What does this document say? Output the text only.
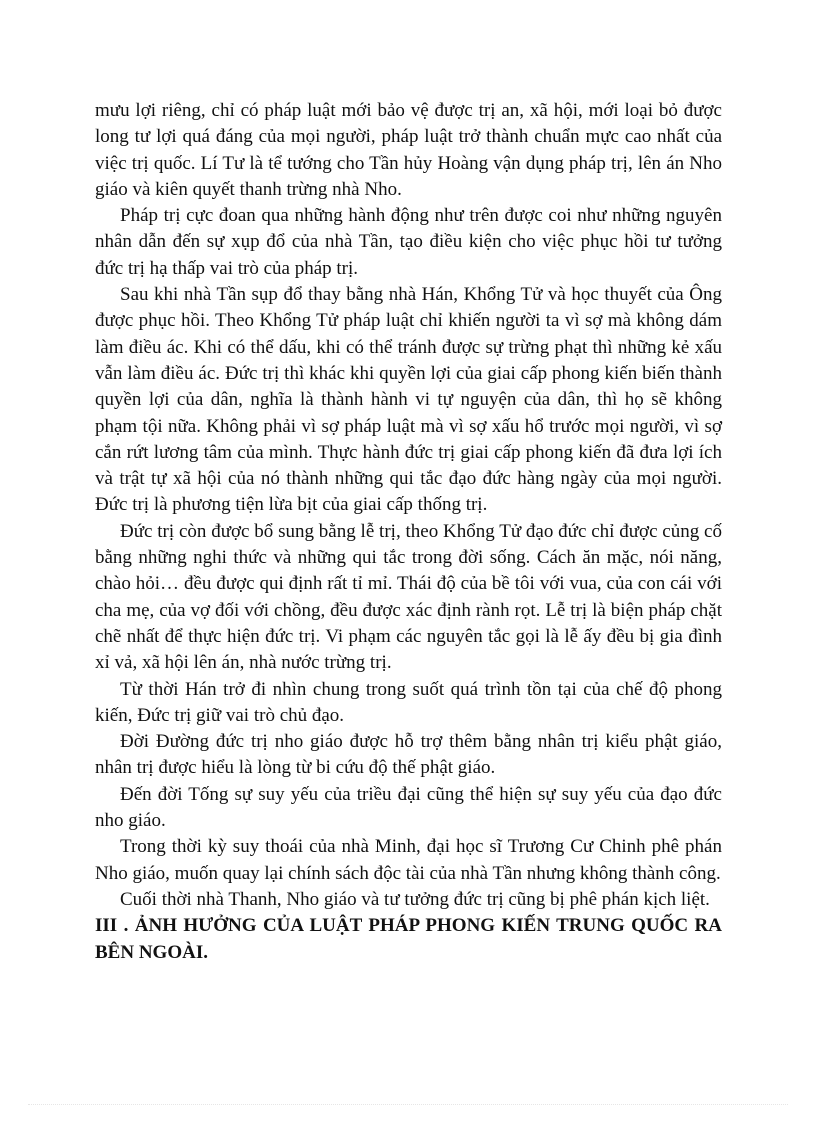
mưu lợi riêng, chỉ có pháp luật mới bảo vệ được trị an, xã hội, mới loại bỏ được long tư lợi quá đáng của mọi người, pháp luật trở thành chuẩn mực cao nhất của việc trị quốc. Lí Tư là tể tướng cho Tần hủy Hoàng vận dụng pháp trị, lên án Nho giáo và kiên quyết thanh trừng nhà Nho.

Pháp trị cực đoan qua những hành động như trên được coi như những nguyên nhân dẫn đến sự xụp đổ của nhà Tần, tạo điều kiện cho việc phục hồi tư tưởng đức trị hạ thấp vai trò của pháp trị.

Sau khi nhà Tần sụp đổ thay bằng nhà Hán, Khổng Tử và học thuyết của Ông được phục hồi. Theo Khổng Tử pháp luật chỉ khiến người ta vì sợ mà không dám làm điều ác. Khi có thể dấu, khi có thể tránh được sự trừng phạt thì những kẻ xấu vẫn làm điều ác. Đức trị thì khác khi quyền lợi của giai cấp phong kiến biến thành quyền lợi của dân, nghĩa là thành hành vi tự nguyện của dân, thì họ sẽ không phạm tội nữa. Không phải vì sợ pháp luật mà vì sợ xấu hổ trước mọi người, vì sợ cắn rứt lương tâm của mình. Thực hành đức trị giai cấp phong kiến đã đưa lợi ích và trật tự xã hội của nó thành những qui tắc đạo đức hàng ngày của mọi người. Đức trị là phương tiện lừa bịt của giai cấp thống trị.

Đức trị còn được bổ sung bằng lễ trị, theo Khổng Tử đạo đức chỉ được củng cố bằng những nghi thức và những qui tắc trong đời sống. Cách ăn mặc, nói năng, chào hỏi… đều được qui định rất tỉ mỉ. Thái độ của bề tôi với vua, của con cái với cha mẹ, của vợ đối với chồng, đều được xác định rành rọt. Lễ trị là biện pháp chặt chẽ nhất để thực hiện đức trị. Vi phạm các nguyên tắc gọi là lễ ấy đều bị gia đình xỉ vả, xã hội lên án, nhà nước trừng trị.

Từ thời Hán trở đi nhìn chung trong suốt quá trình tồn tại của chế độ phong kiến, Đức trị giữ vai trò chủ đạo.

Đời Đường đức trị nho giáo được hỗ trợ thêm bằng nhân trị kiểu phật giáo, nhân trị được hiểu là lòng từ bi cứu độ thế phật giáo.

Đến đời Tống sự suy yếu của triều đại cũng thể hiện sự suy yếu của đạo đức nho giáo.

Trong thời kỳ suy thoái của nhà Minh, đại học sĩ Trương Cư Chinh phê phán Nho giáo, muốn quay lại chính sách độc tài của nhà Tần nhưng không thành công.

Cuối thời nhà Thanh, Nho giáo và tư tưởng đức trị cũng bị phê phán kịch liệt.

III . ẢNH HƯỞNG CỦA LUẬT PHÁP PHONG KIẾN TRUNG QUỐC RA BÊN NGOÀI.
